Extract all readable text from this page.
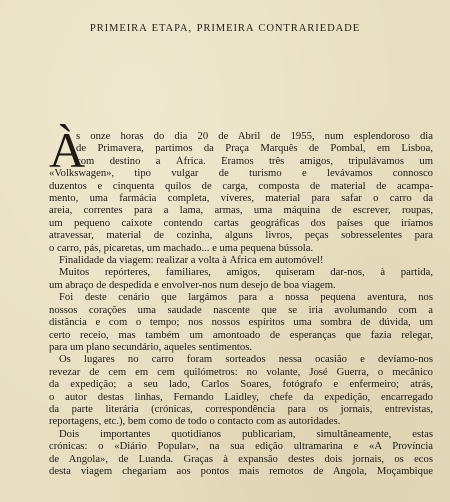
PRIMEIRA ETAPA, PRIMEIRA CONTRARIEDADE
À
s onze horas do dia 20 de Abril de 1955, num esplendoroso dia
de Primavera, partimos da Praça Marquês de Pombal, em Lisboa,
com destino a África. Éramos três amigos, tripulávamos um
«Volkswagen», tipo vulgar de turismo e levávamos connosco
duzentos e cinquenta quilos de carga, composta de material de acampa-
mento, uma farmácia completa, víveres, material para safar o carro da
areia, correntes para a lama, armas, uma máquina de escrever, roupas,
um pequeno caixote contendo cartas geográficas dos países que iríamos
atravessar, material de cozinha, alguns livros, peças sobresselentes para
o carro, pás, picaretas, um machado... e uma pequena bússola.
Finalidade da viagem: realizar a volta à África em automóvel!
Muitos repórteres, familiares, amigos, quiseram dar-nos, à partida,
um abraço de despedida e envolver-nos num desejo de boa viagem.
Foi deste cenário que largámos para a nossa pequena aventura, nos
nossos corações uma saudade nascente que se iria avolumando com a
distância e com o tempo; nos nossos espíritos uma sombra de dúvida, um
certo receio, mas também um amontoado de esperanças que fazia relegar,
para um plano secundário, aqueles sentimentos.
Os lugares no carro foram sorteados nessa ocasião e devíamo-nos
revezar de cem em cem quilómetros: no volante, José Guerra, o mecânico
da expedição; a seu lado, Carlos Soares, fotógrafo e enfermeiro; atrás,
o autor destas linhas, Fernando Laidley, chefe da expedição, encarregado
da parte literária (crónicas, correspondência para os jornais, entrevistas,
reportagens, etc.), bem como de todo o contacto com as autoridades.
Dois importantes quotidianos publicariam, simultâneamente, estas
crónicas: o «Diário Popular», na sua edição ultramarina e «A Província
de Angola», de Luanda. Graças à expansão destes dois jornais, os ecos
desta viagem chegariam aos pontos mais remotos de Angola, Moçambique
